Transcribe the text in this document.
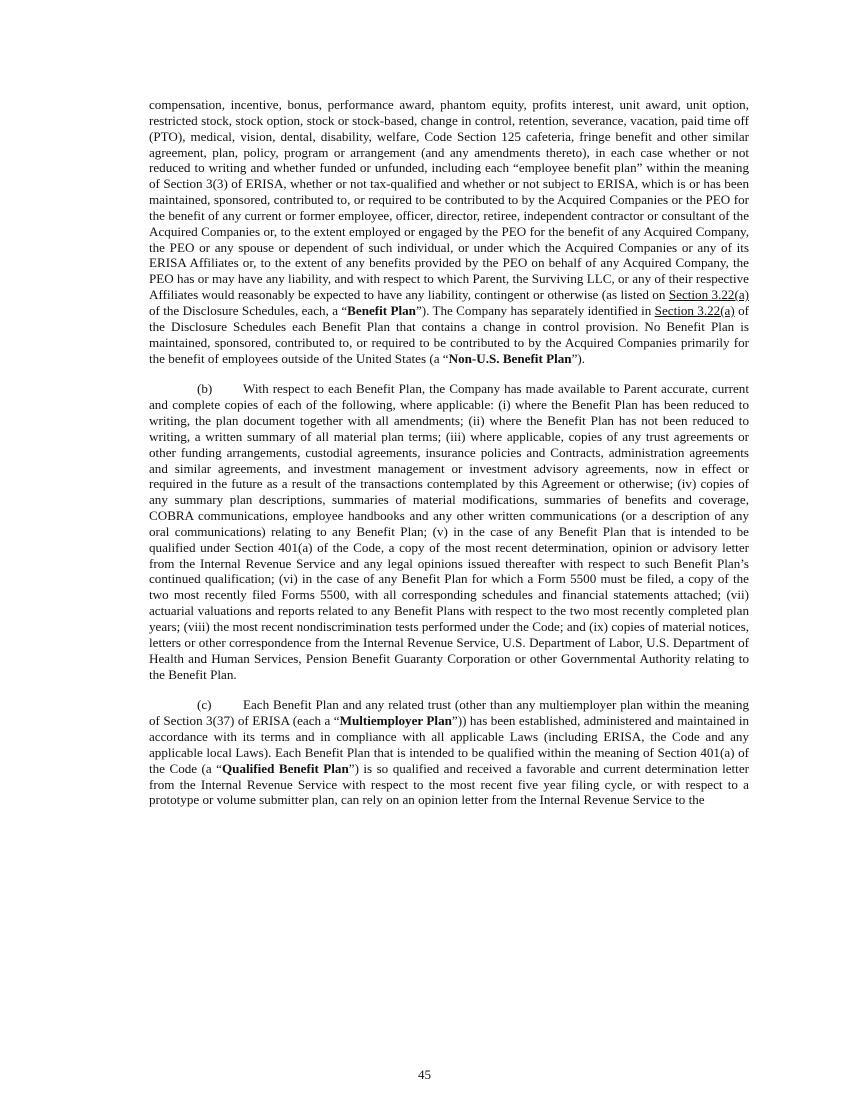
compensation, incentive, bonus, performance award, phantom equity, profits interest, unit award, unit option, restricted stock, stock option, stock or stock-based, change in control, retention, severance, vacation, paid time off (PTO), medical, vision, dental, disability, welfare, Code Section 125 cafeteria, fringe benefit and other similar agreement, plan, policy, program or arrangement (and any amendments thereto), in each case whether or not reduced to writing and whether funded or unfunded, including each “employee benefit plan” within the meaning of Section 3(3) of ERISA, whether or not tax-qualified and whether or not subject to ERISA, which is or has been maintained, sponsored, contributed to, or required to be contributed to by the Acquired Companies or the PEO for the benefit of any current or former employee, officer, director, retiree, independent contractor or consultant of the Acquired Companies or, to the extent employed or engaged by the PEO for the benefit of any Acquired Company, the PEO or any spouse or dependent of such individual, or under which the Acquired Companies or any of its ERISA Affiliates or, to the extent of any benefits provided by the PEO on behalf of any Acquired Company, the PEO has or may have any liability, and with respect to which Parent, the Surviving LLC, or any of their respective Affiliates would reasonably be expected to have any liability, contingent or otherwise (as listed on Section 3.22(a) of the Disclosure Schedules, each, a “Benefit Plan”). The Company has separately identified in Section 3.22(a) of the Disclosure Schedules each Benefit Plan that contains a change in control provision. No Benefit Plan is maintained, sponsored, contributed to, or required to be contributed to by the Acquired Companies primarily for the benefit of employees outside of the United States (a “Non-U.S. Benefit Plan”).

(b) With respect to each Benefit Plan, the Company has made available to Parent accurate, current and complete copies of each of the following, where applicable: (i) where the Benefit Plan has been reduced to writing, the plan document together with all amendments; (ii) where the Benefit Plan has not been reduced to writing, a written summary of all material plan terms; (iii) where applicable, copies of any trust agreements or other funding arrangements, custodial agreements, insurance policies and Contracts, administration agreements and similar agreements, and investment management or investment advisory agreements, now in effect or required in the future as a result of the transactions contemplated by this Agreement or otherwise; (iv) copies of any summary plan descriptions, summaries of material modifications, summaries of benefits and coverage, COBRA communications, employee handbooks and any other written communications (or a description of any oral communications) relating to any Benefit Plan; (v) in the case of any Benefit Plan that is intended to be qualified under Section 401(a) of the Code, a copy of the most recent determination, opinion or advisory letter from the Internal Revenue Service and any legal opinions issued thereafter with respect to such Benefit Plan’s continued qualification; (vi) in the case of any Benefit Plan for which a Form 5500 must be filed, a copy of the two most recently filed Forms 5500, with all corresponding schedules and financial statements attached; (vii) actuarial valuations and reports related to any Benefit Plans with respect to the two most recently completed plan years; (viii) the most recent nondiscrimination tests performed under the Code; and (ix) copies of material notices, letters or other correspondence from the Internal Revenue Service, U.S. Department of Labor, U.S. Department of Health and Human Services, Pension Benefit Guaranty Corporation or other Governmental Authority relating to the Benefit Plan.

(c) Each Benefit Plan and any related trust (other than any multiemployer plan within the meaning of Section 3(37) of ERISA (each a “Multiemployer Plan”)) has been established, administered and maintained in accordance with its terms and in compliance with all applicable Laws (including ERISA, the Code and any applicable local Laws). Each Benefit Plan that is intended to be qualified within the meaning of Section 401(a) of the Code (a “Qualified Benefit Plan”) is so qualified and received a favorable and current determination letter from the Internal Revenue Service with respect to the most recent five year filing cycle, or with respect to a prototype or volume submitter plan, can rely on an opinion letter from the Internal Revenue Service to the

45
